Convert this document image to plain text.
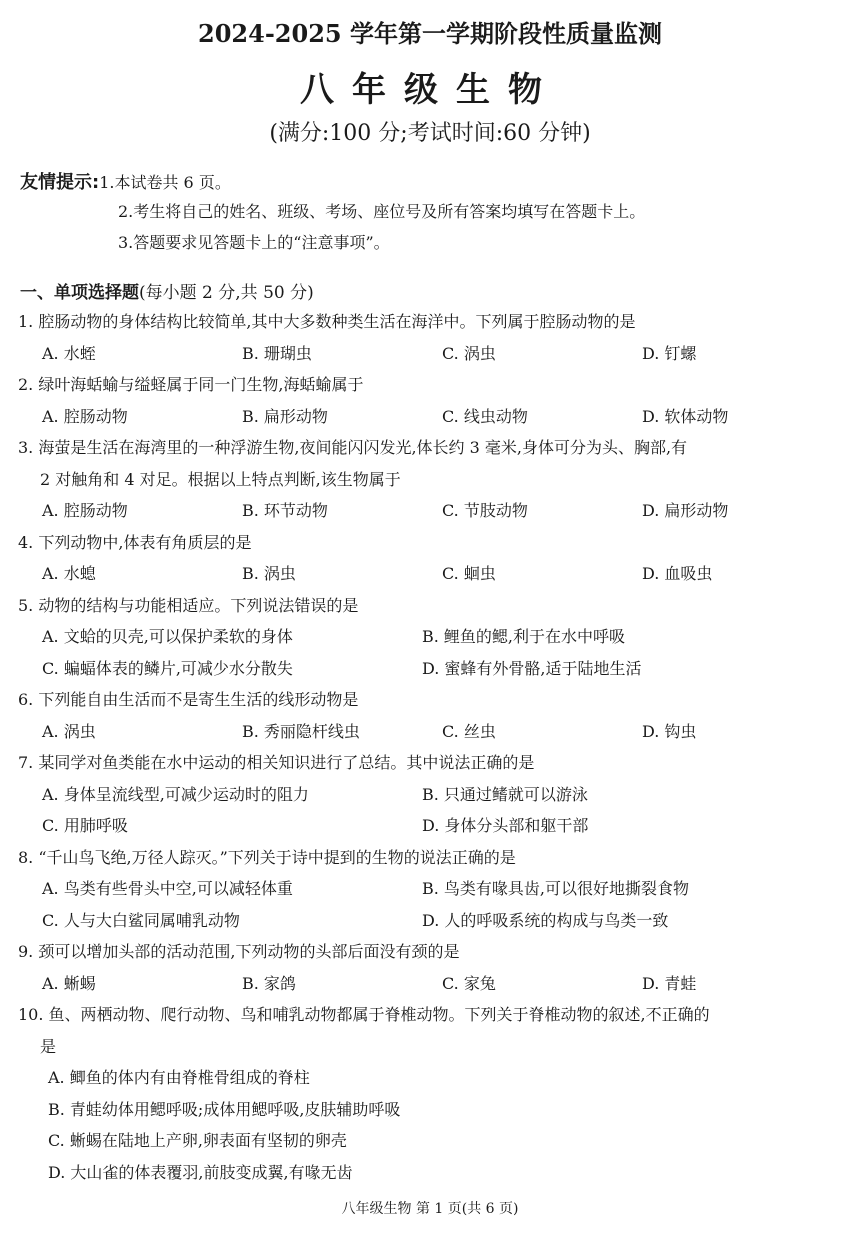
2024-2025 学年第一学期阶段性质量监测
八年级生物
(满分:100 分;考试时间:60 分钟)
友情提示: 1.本试卷共 6 页。
2.考生将自己的姓名、班级、考场、座位号及所有答案均填写在答题卡上。
3.答题要求见答题卡上的“注意事项”。
一、单项选择题(每小题 2 分,共 50 分)
1. 腔肠动物的身体结构比较简单,其中大多数种类生活在海洋中。下列属于腔肠动物的是
A. 水蛭	B. 珊瑚虫	C. 涡虫	D. 钉螺
2. 绿叶海蛞蝓与缢蛏属于同一门生物,海蛞蝓属于
A. 腔肠动物	B. 扁形动物	C. 线虫动物	D. 软体动物
3. 海萤是生活在海湾里的一种浮游生物,夜间能闪闪发光,体长约 3 毫米,身体可分为头、胸部,有
2 对触角和 4 对足。根据以上特点判断,该生物属于
A. 腔肠动物	B. 环节动物	C. 节肢动物	D. 扁形动物
4. 下列动物中,体表有角质层的是
A. 水螅	B. 涡虫	C. 蛔虫	D. 血吸虫
5. 动物的结构与功能相适应。下列说法错误的是
A. 文蛤的贝壳,可以保护柔软的身体	B. 鲤鱼的鳃,利于在水中呼吸
C. 蝙蝠体表的鳞片,可减少水分散失	D. 蜜蜂有外骨骼,适于陆地生活
6. 下列能自由生活而不是寄生生活的线形动物是
A. 涡虫	B. 秀丽隐杆线虫	C. 丝虫	D. 钩虫
7. 某同学对鱼类能在水中运动的相关知识进行了总结。其中说法正确的是
A. 身体呈流线型,可减少运动时的阻力	B. 只通过鳍就可以游泳
C. 用肺呼吸	D. 身体分头部和躯干部
8. “千山鸟飞绝,万径人踪灭。”下列关于诗中提到的生物的说法正确的是
A. 鸟类有些骨头中空,可以减轻体重	B. 鸟类有喙具齿,可以很好地撕裂食物
C. 人与大白鲨同属哺乳动物	D. 人的呼吸系统的构成与鸟类一致
9. 颈可以增加头部的活动范围,下列动物的头部后面没有颈的是
A. 蜥蜴	B. 家鸽	C. 家兔	D. 青蛙
10. 鱼、两栖动物、爬行动物、鸟和哺乳动物都属于脊椎动物。下列关于脊椎动物的叙述,不正确的
是
A. 鲫鱼的体内有由脊椎骨组成的脊柱
B. 青蛙幼体用鳃呼吸;成体用鳃呼吸,皮肤辅助呼吸
C. 蜥蜴在陆地上产卵,卵表面有坚韧的卵壳
D. 大山雀的体表覆羽,前肢变成翼,有喙无齿
八年级生物 第 1 页(共 6 页)
